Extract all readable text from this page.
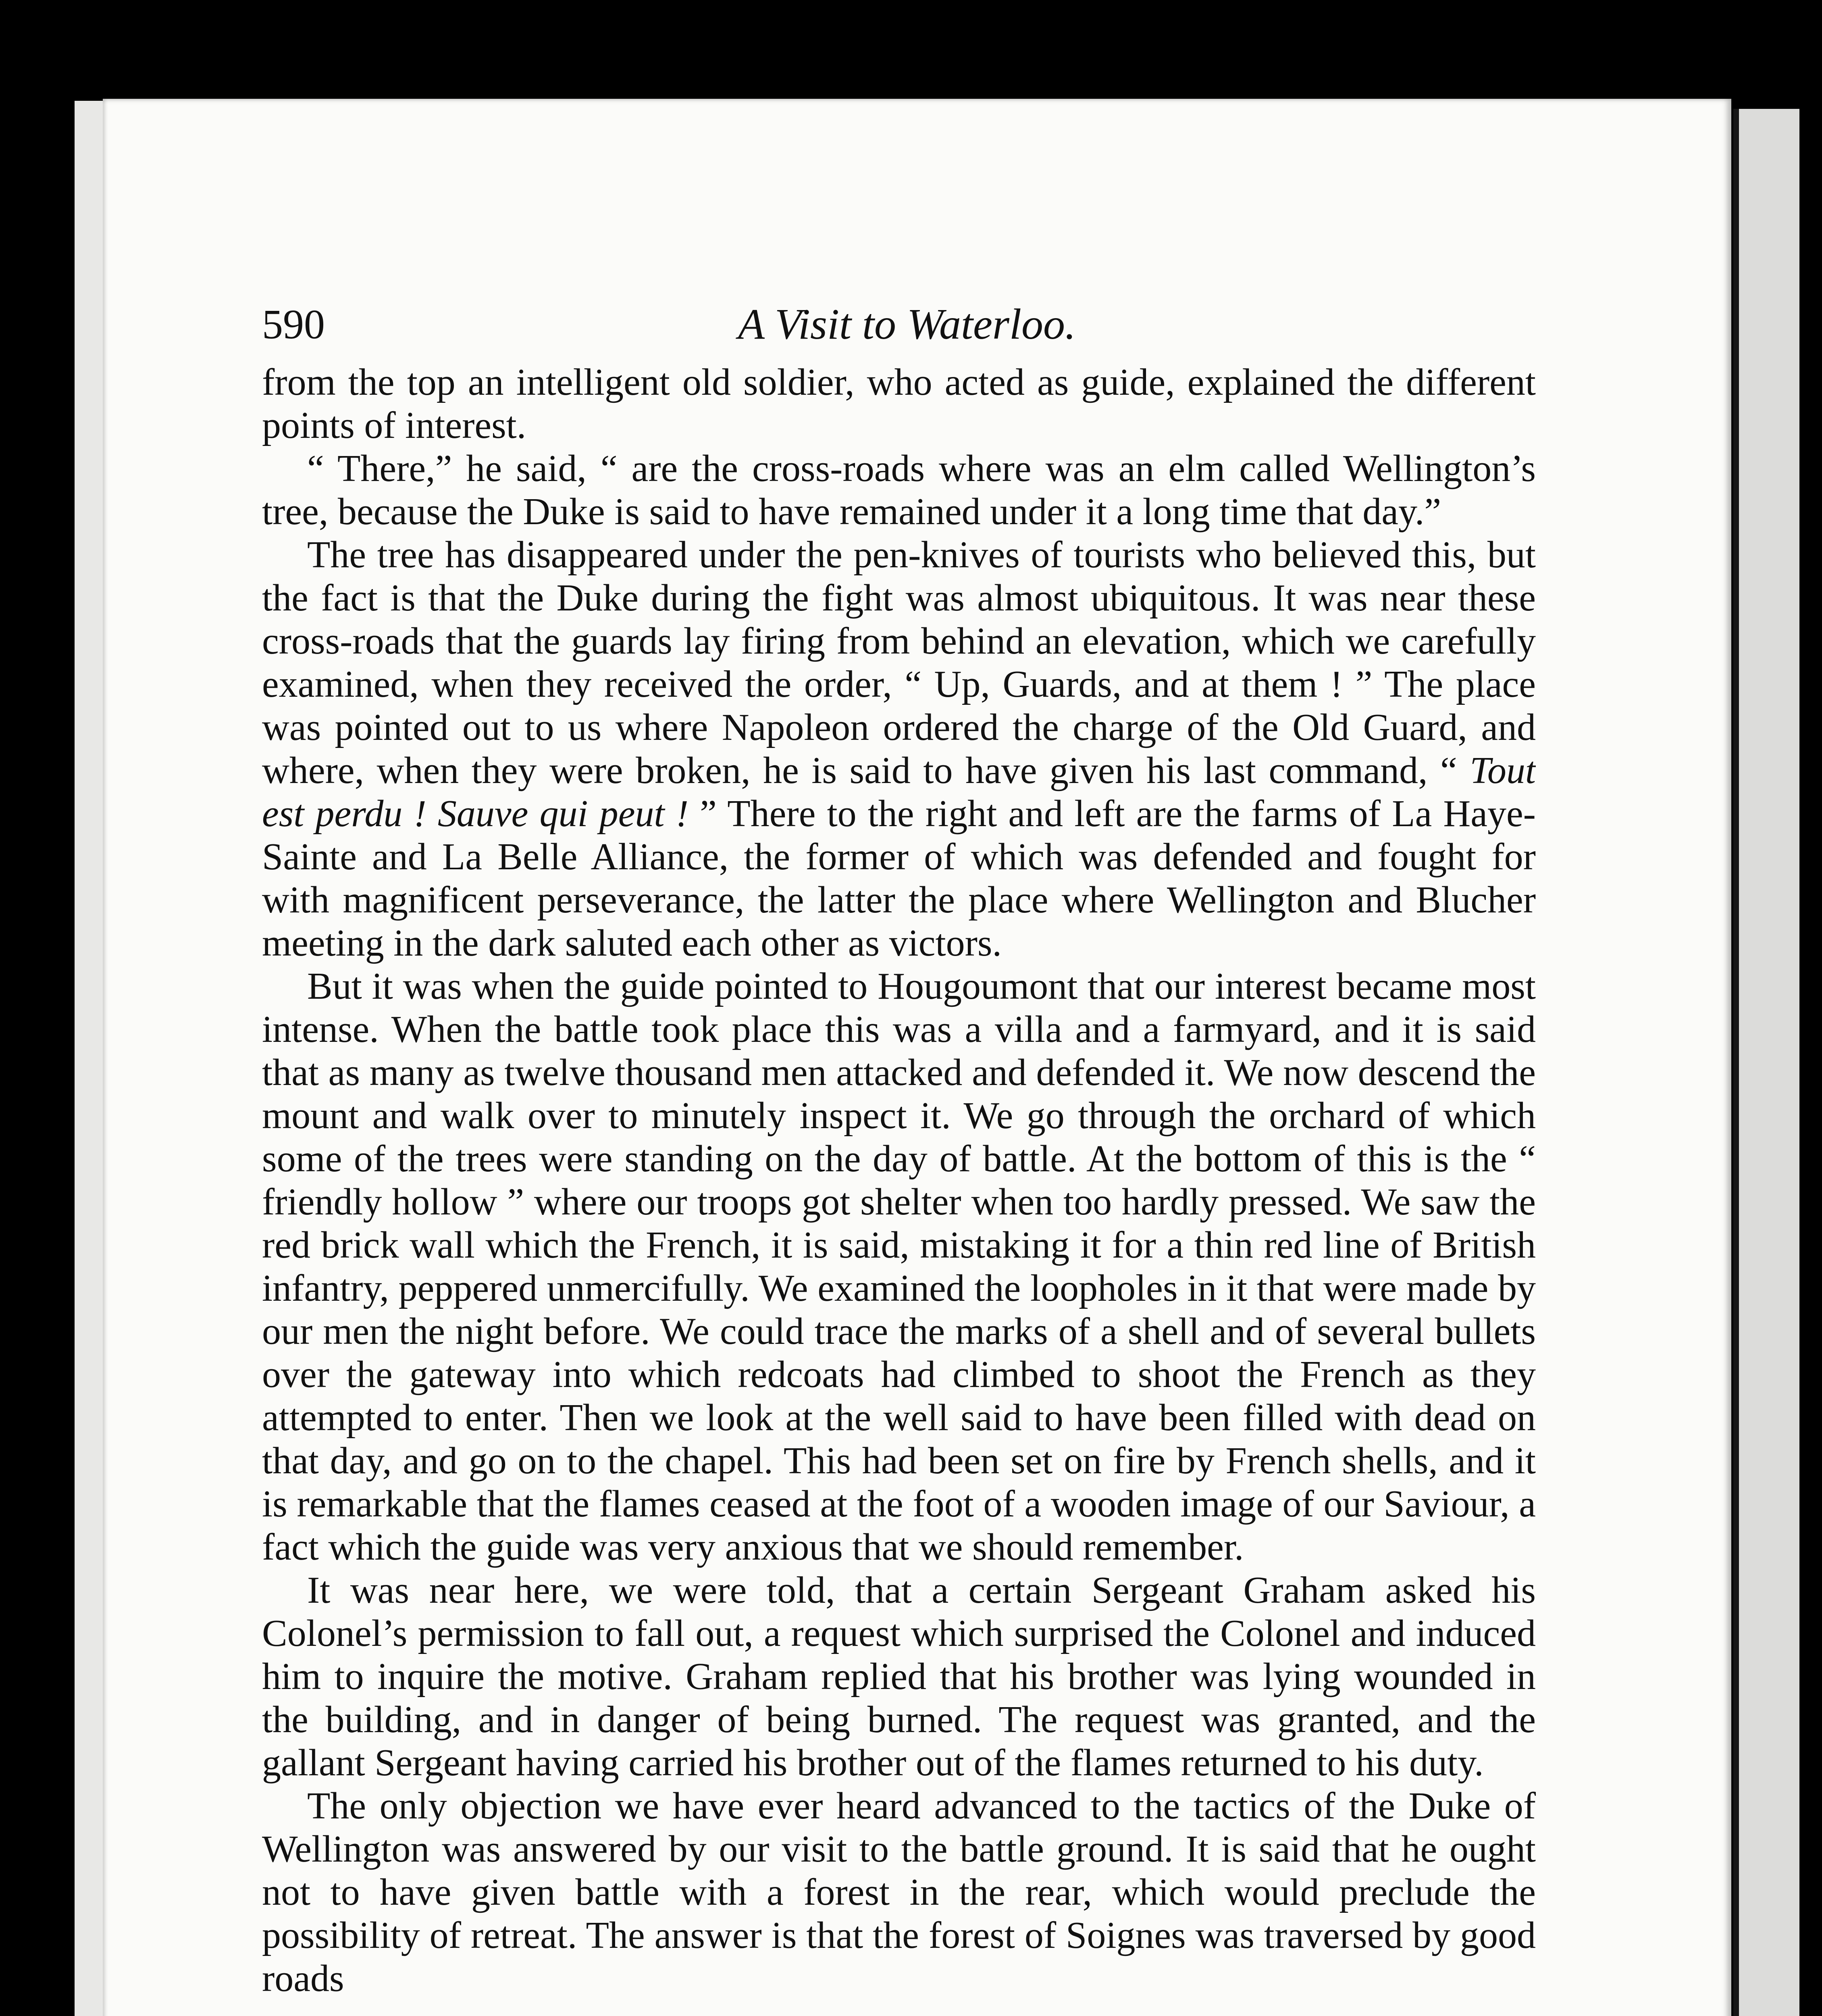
590	A Visit to Waterloo.

from the top an intelligent old soldier, who acted as guide, explained the different points of interest.

“ There,” he said, “ are the cross-roads where was an elm called Wellington’s tree, because the Duke is said to have remained under it a long time that day.”

The tree has disappeared under the pen-knives of tourists who believed this, but the fact is that the Duke during the fight was almost ubiquitous. It was near these cross-roads that the guards lay firing from behind an elevation, which we carefully examined, when they received the order, “ Up, Guards, and at them ! ” The place was pointed out to us where Napoleon ordered the charge of the Old Guard, and where, when they were broken, he is said to have given his last command, “ Tout est perdu ! Sauve qui peut ! ” There to the right and left are the farms of La Haye-Sainte and La Belle Alliance, the former of which was defended and fought for with magnificent perseverance, the latter the place where Wellington and Blucher meeting in the dark saluted each other as victors.

But it was when the guide pointed to Hougoumont that our interest became most intense. When the battle took place this was a villa and a farmyard, and it is said that as many as twelve thousand men attacked and defended it. We now descend the mount and walk over to minutely inspect it. We go through the orchard of which some of the trees were standing on the day of battle. At the bottom of this is the “ friendly hollow ” where our troops got shelter when too hardly pressed. We saw the red brick wall which the French, it is said, mistaking it for a thin red line of British infantry, peppered unmercifully. We examined the loopholes in it that were made by our men the night before. We could trace the marks of a shell and of several bullets over the gateway into which redcoats had climbed to shoot the French as they attempted to enter. Then we look at the well said to have been filled with dead on that day, and go on to the chapel. This had been set on fire by French shells, and it is remarkable that the flames ceased at the foot of a wooden image of our Saviour, a fact which the guide was very anxious that we should remember.

It was near here, we were told, that a certain Sergeant Graham asked his Colonel’s permission to fall out, a request which surprised the Colonel and induced him to inquire the motive. Graham replied that his brother was lying wounded in the building, and in danger of being burned. The request was granted, and the gallant Sergeant having carried his brother out of the flames returned to his duty.

The only objection we have ever heard advanced to the tactics of the Duke of Wellington was answered by our visit to the battle ground. It is said that he ought not to have given battle with a forest in the rear, which would preclude the possibility of retreat. The answer is that the forest of Soignes was traversed by good roads
